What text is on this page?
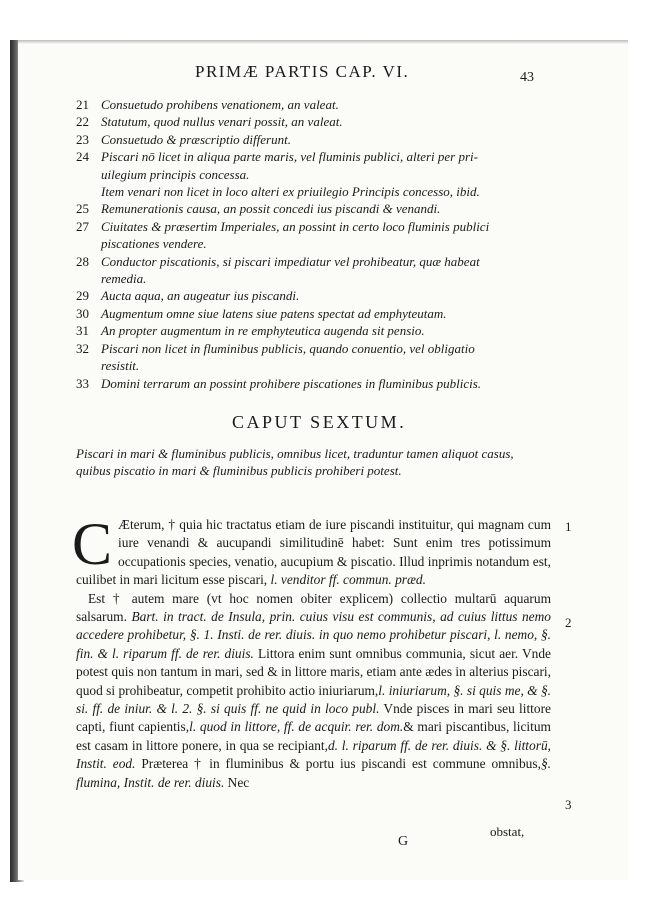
PRIMÆ PARTIS CAP. VI.	43
21 Consuetudo prohibens venationem, an valeat.
22 Statutum, quod nullus venari possit, an valeat.
23 Consuetudo & præscriptio differunt.
24 Piscari nō licet in aliqua parte maris, vel fluminis publici, alteri per pri-
uilegium principis concessa.
Item venari non licet in loco alteri ex priuilegio Principis concesso, ibid.
25 Remunerationis causa, an possit concedi ius piscandi & venandi.
27 Ciuitates & præsertim Imperiales, an possint in certo loco fluminis publici
piscationes vendere.
28 Conductor piscationis, si piscari impediatur vel prohibeatur, quæ habeat
remedia.
29 Aucta aqua, an augeatur ius piscandi.
30 Augmentum omne siue latens siue patens spectat ad emphyteutam.
31 An propter augmentum in re emphyteutica augenda sit pensio.
32 Piscari non licet in fluminibus publicis, quando conuentio, vel obligatio
resistit.
33 Domini terrarum an possint prohibere piscationes in fluminibus publicis.
CAPUT SEXTUM.
Piscari in mari & fluminibus publicis, omnibus licet, traduntur tamen aliquot casus, quibus piscatio in mari & fluminibus publicis prohiberi potest.

C Æterum, † quia hic tractatus etiam de iure piscandi instituitur, qui magnam cum iure venandi & aucupandi similitudinē habet: Sunt enim tres potissimum occupationis species, venatio, aucupium & piscatio. Illud inprimis notandum est, cuilibet in mari licitum esse piscari, l. venditor ff. commun. præd.

Est † autem mare (vt hoc nomen obiter explicem) collectio multarū aquarum salsarum. Bart. in tract. de Insula, prin. cuius visu est communis, ad cuius littus nemo accedere prohibetur, §. 1. Insti. de rer. diuis. in quo nemo prohibetur piscari, l. nemo, §. fin. & l. riparum ff. de rer. diuis. Littora enim sunt omnibus communia, sicut aer. Vnde potest quis non tantum in mari, sed & in littore maris, etiam ante ædes in alterius piscari, quod si prohibeatur, competit prohibito actio iniuriarum,l. iniuriarum, §. si quis me, & §. si. ff. de iniur. & l. 2. §. si quis ff. ne quid in loco publ. Vnde pisces in mari seu littore capti, fiunt capientis,l. quod in littore, ff. de acquir. rer. dom.& mari piscantibus, licitum est casam in littore ponere, in qua se recipiant,d. l. riparum ff. de rer. diuis. & §. littorū, Instit. eod. Præterea † in fluminibus & portu ius piscandi est commune omnibus,§. flumina, Instit. de rer. diuis. Nec

1
2
3
obstat,
G
